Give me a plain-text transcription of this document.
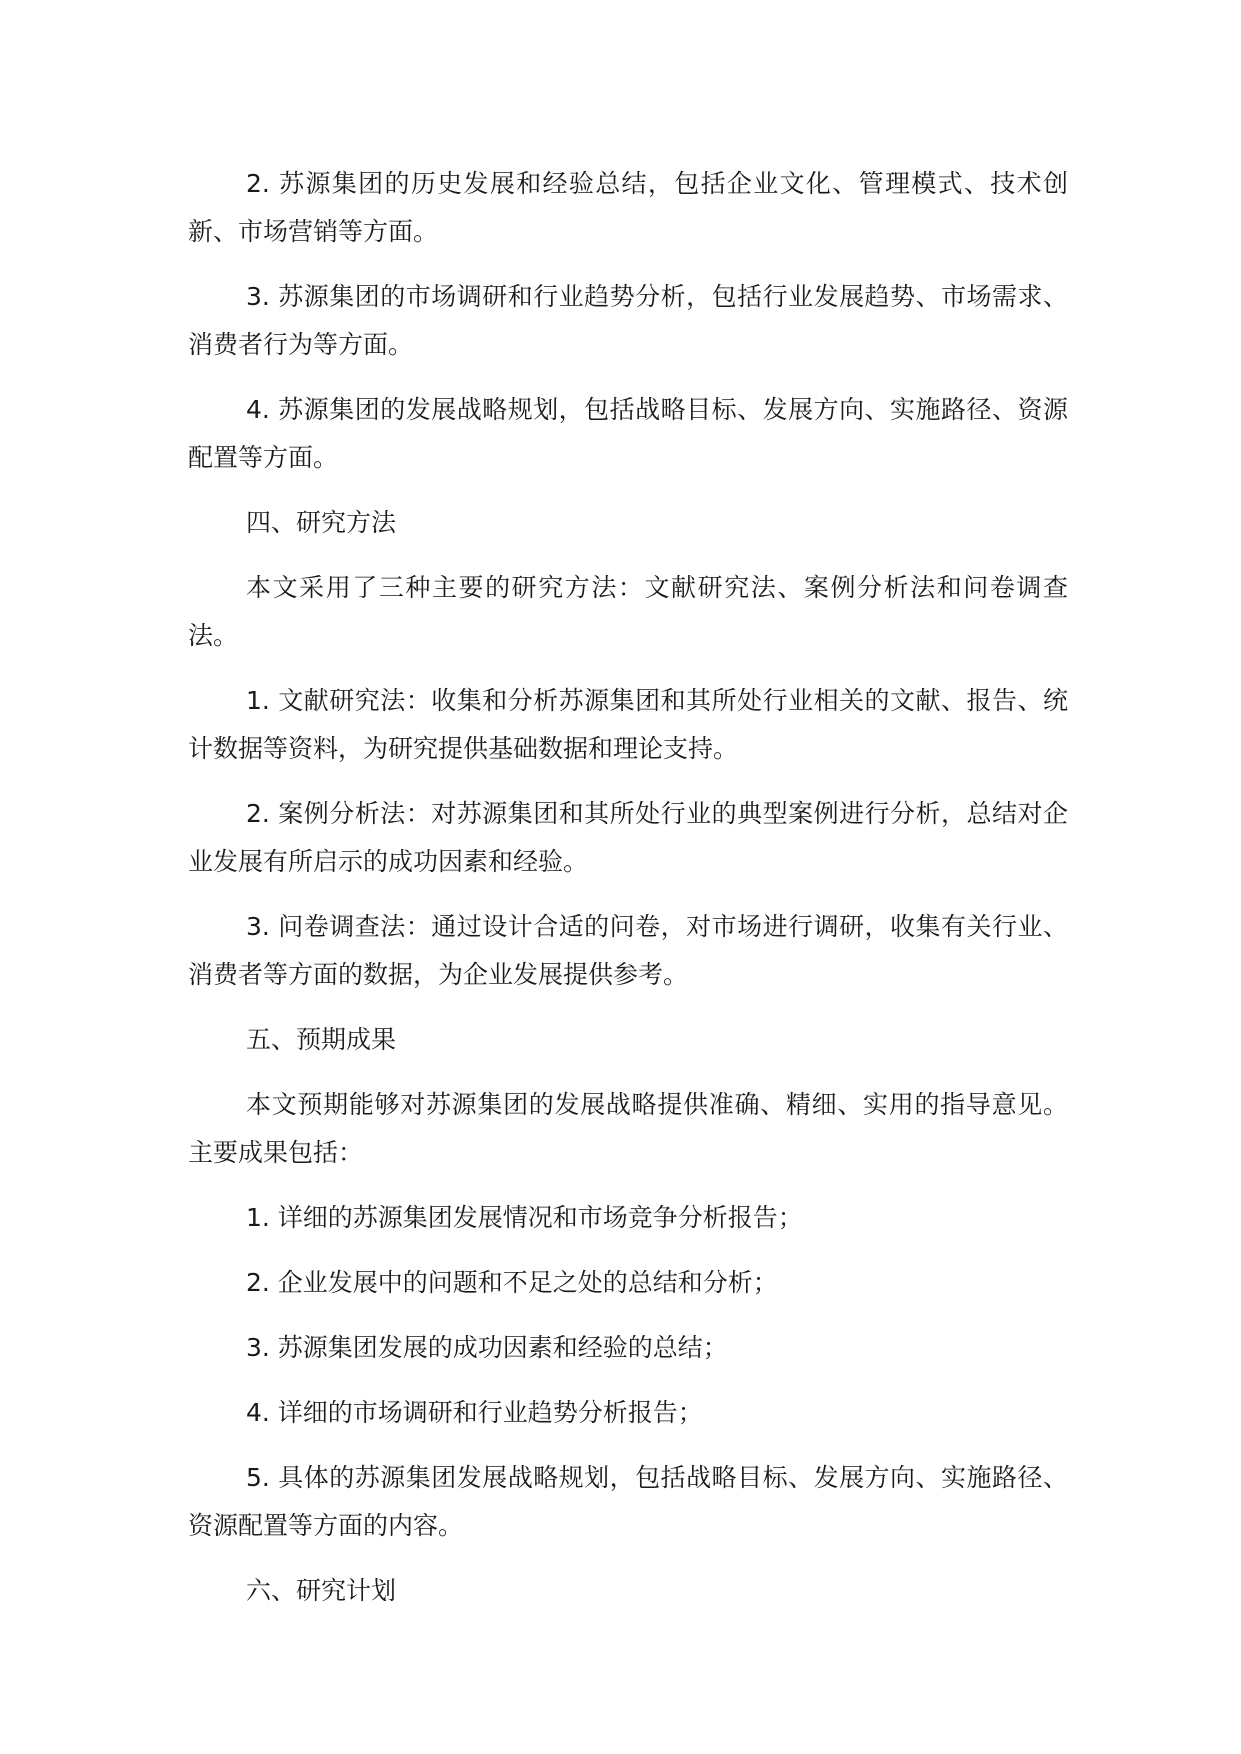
2. 苏源集团的历史发展和经验总结，包括企业文化、管理模式、技术创新、市场营销等方面。

3. 苏源集团的市场调研和行业趋势分析，包括行业发展趋势、市场需求、消费者行为等方面。

4. 苏源集团的发展战略规划，包括战略目标、发展方向、实施路径、资源配置等方面。

四、研究方法

本文采用了三种主要的研究方法：文献研究法、案例分析法和问卷调查法。

1. 文献研究法：收集和分析苏源集团和其所处行业相关的文献、报告、统计数据等资料，为研究提供基础数据和理论支持。

2. 案例分析法：对苏源集团和其所处行业的典型案例进行分析，总结对企业发展有所启示的成功因素和经验。

3. 问卷调查法：通过设计合适的问卷，对市场进行调研，收集有关行业、消费者等方面的数据，为企业发展提供参考。

五、预期成果

本文预期能够对苏源集团的发展战略提供准确、精细、实用的指导意见。主要成果包括：

1. 详细的苏源集团发展情况和市场竞争分析报告；

2. 企业发展中的问题和不足之处的总结和分析；

3. 苏源集团发展的成功因素和经验的总结；

4. 详细的市场调研和行业趋势分析报告；

5. 具体的苏源集团发展战略规划，包括战略目标、发展方向、实施路径、资源配置等方面的内容。

六、研究计划
